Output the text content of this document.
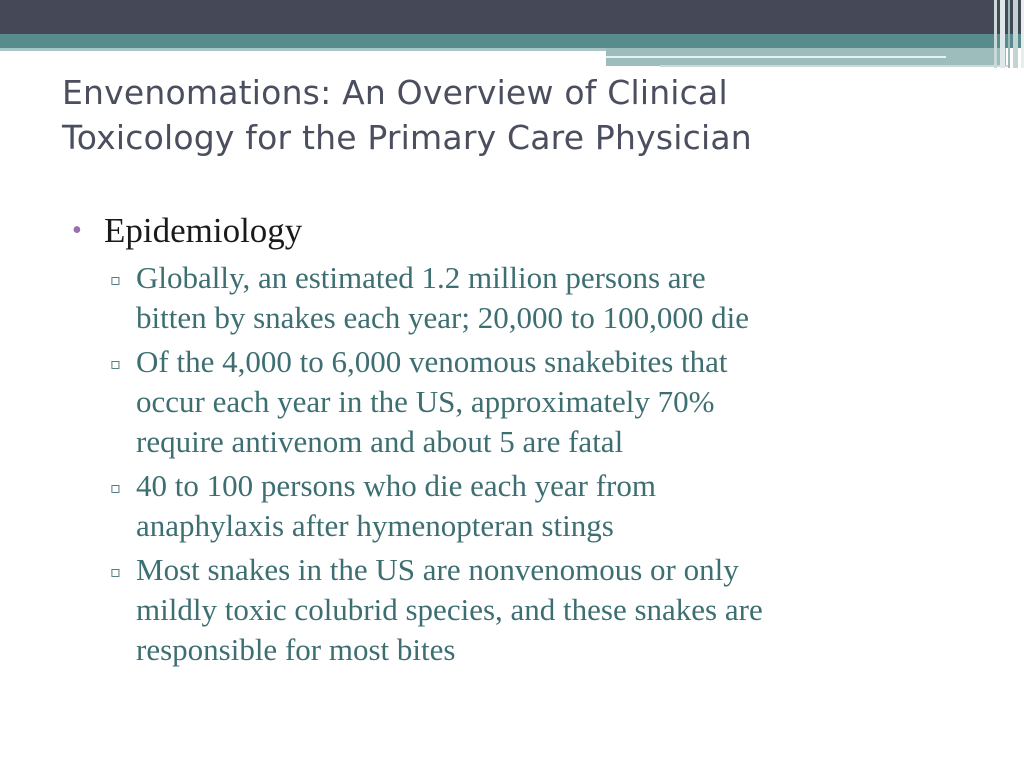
Envenomations: An Overview of Clinical
Toxicology for the Primary Care Physician
• Epidemiology
▫ Globally, an estimated 1.2 million persons are
bitten by snakes each year; 20,000 to 100,000 die
▫ Of the 4,000 to 6,000 venomous snakebites that
occur each year in the US, approximately 70%
require antivenom and about 5 are fatal
▫ 40 to 100 persons who die each year from
anaphylaxis after hymenopteran stings
▫ Most snakes in the US are nonvenomous or only
mildly toxic colubrid species, and these snakes are
responsible for most bites
